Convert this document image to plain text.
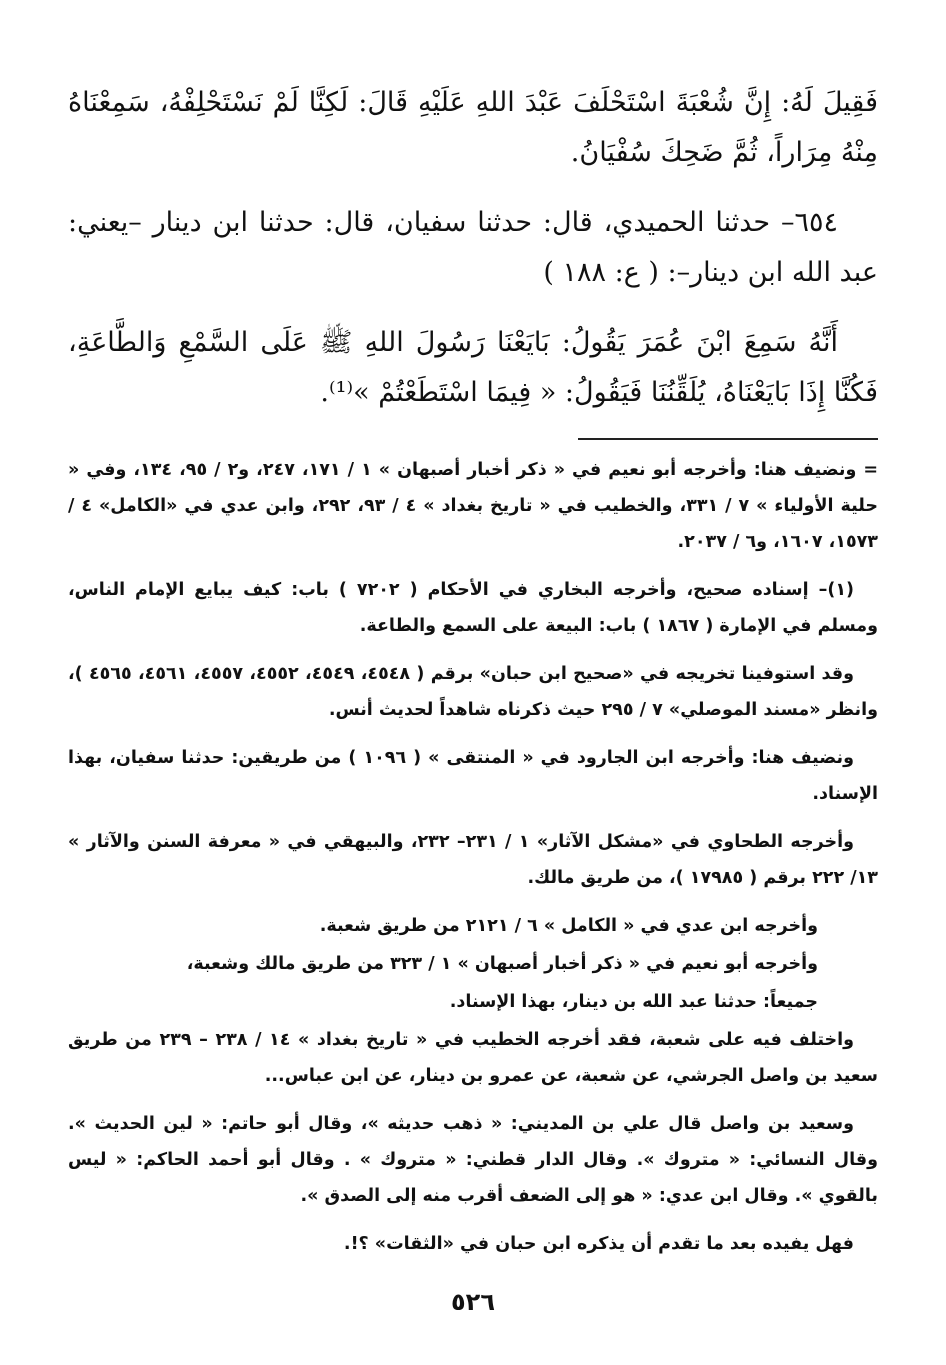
فَقِيلَ لَهُ: إِنَّ شُعْبَةَ اسْتَحْلَفَ عَبْدَ اللهِ عَلَيْهِ قَالَ: لَكِنَّا لَمْ نَسْتَحْلِفْهُ، سَمِعْنَاهُ مِنْهُ مِرَاراً، ثُمَّ ضَحِكَ سُفْيَانُ.

٦٥٤– حدثنا الحميدي، قال: حدثنا سفيان، قال: حدثنا ابن دينار –يعني: عبد الله ابن دينار–: ( ع: ١٨٨ )

أَنَّهُ سَمِعَ ابْنَ عُمَرَ يَقُولُ: بَايَعْنَا رَسُولَ اللهِ ﷺ عَلَى السَّمْعِ وَالطَّاعَةِ، فَكُنَّا إِذَا بَايَعْنَاهُ، يُلَقِّنُنَا فَيَقُولُ: « فِيمَا اسْتَطَعْتُمْ »⁽¹⁾.

= ونضيف هنا: وأخرجه أبو نعيم في « ذكر أخبار أصبهان » ١ / ١٧١، ٢٤٧، و٢ / ٩٥، ١٣٤، وفي « حلية الأولياء » ٧ / ٣٣١، والخطيب في « تاريخ بغداد » ٤ / ٩٣، ٢٩٢، وابن عدي في «الكامل» ٤ / ١٥٧٣، ١٦٠٧، و٦ / ٢٠٣٧.

(١)– إسناده صحيح، وأخرجه البخاري في الأحكام ( ٧٢٠٢ ) باب: كيف يبايع الإمام الناس، ومسلم في الإمارة ( ١٨٦٧ ) باب: البيعة على السمع والطاعة.

وقد استوفينا تخريجه في «صحيح ابن حبان» برقم ( ٤٥٤٨، ٤٥٤٩، ٤٥٥٢، ٤٥٥٧، ٤٥٦١، ٤٥٦٥ )، وانظر «مسند الموصلي» ٧ / ٢٩٥ حيث ذكرناه شاهداً لحديث أنس.

ونضيف هنا: وأخرجه ابن الجارود في « المنتقى » ( ١٠٩٦ ) من طريقين: حدثنا سفيان، بهذا الإسناد.

وأخرجه الطحاوي في «مشكل الآثار» ١ / ٢٣١– ٢٣٢، والبيهقي في « معرفة السنن والآثار » ١٣/ ٢٢٢ برقم ( ١٧٩٨٥ )، من طريق مالك.

وأخرجه ابن عدي في « الكامل » ٦ / ٢١٢١ من طريق شعبة.

وأخرجه أبو نعيم في « ذكر أخبار أصبهان » ١ / ٣٢٣ من طريق مالك وشعبة،

جميعاً: حدثنا عبد الله بن دينار، بهذا الإسناد.

واختلف فيه على شعبة، فقد أخرجه الخطيب في « تاريخ بغداد » ١٤ / ٢٣٨ – ٢٣٩ من طريق سعيد بن واصل الجرشي، عن شعبة، عن عمرو بن دينار، عن ابن عباس...

وسعيد بن واصل قال علي بن المديني: « ذهب حديثه »، وقال أبو حاتم: « لين الحديث ». وقال النسائي: « متروك ». وقال الدار قطني: « متروك » . وقال أبو أحمد الحاكم: « ليس بالقوي ». وقال ابن عدي: « هو إلى الضعف أقرب منه إلى الصدق ».

فهل يفيده بعد ما تقدم أن يذكره ابن حبان في «الثقات» ؟!.

٥٢٦
